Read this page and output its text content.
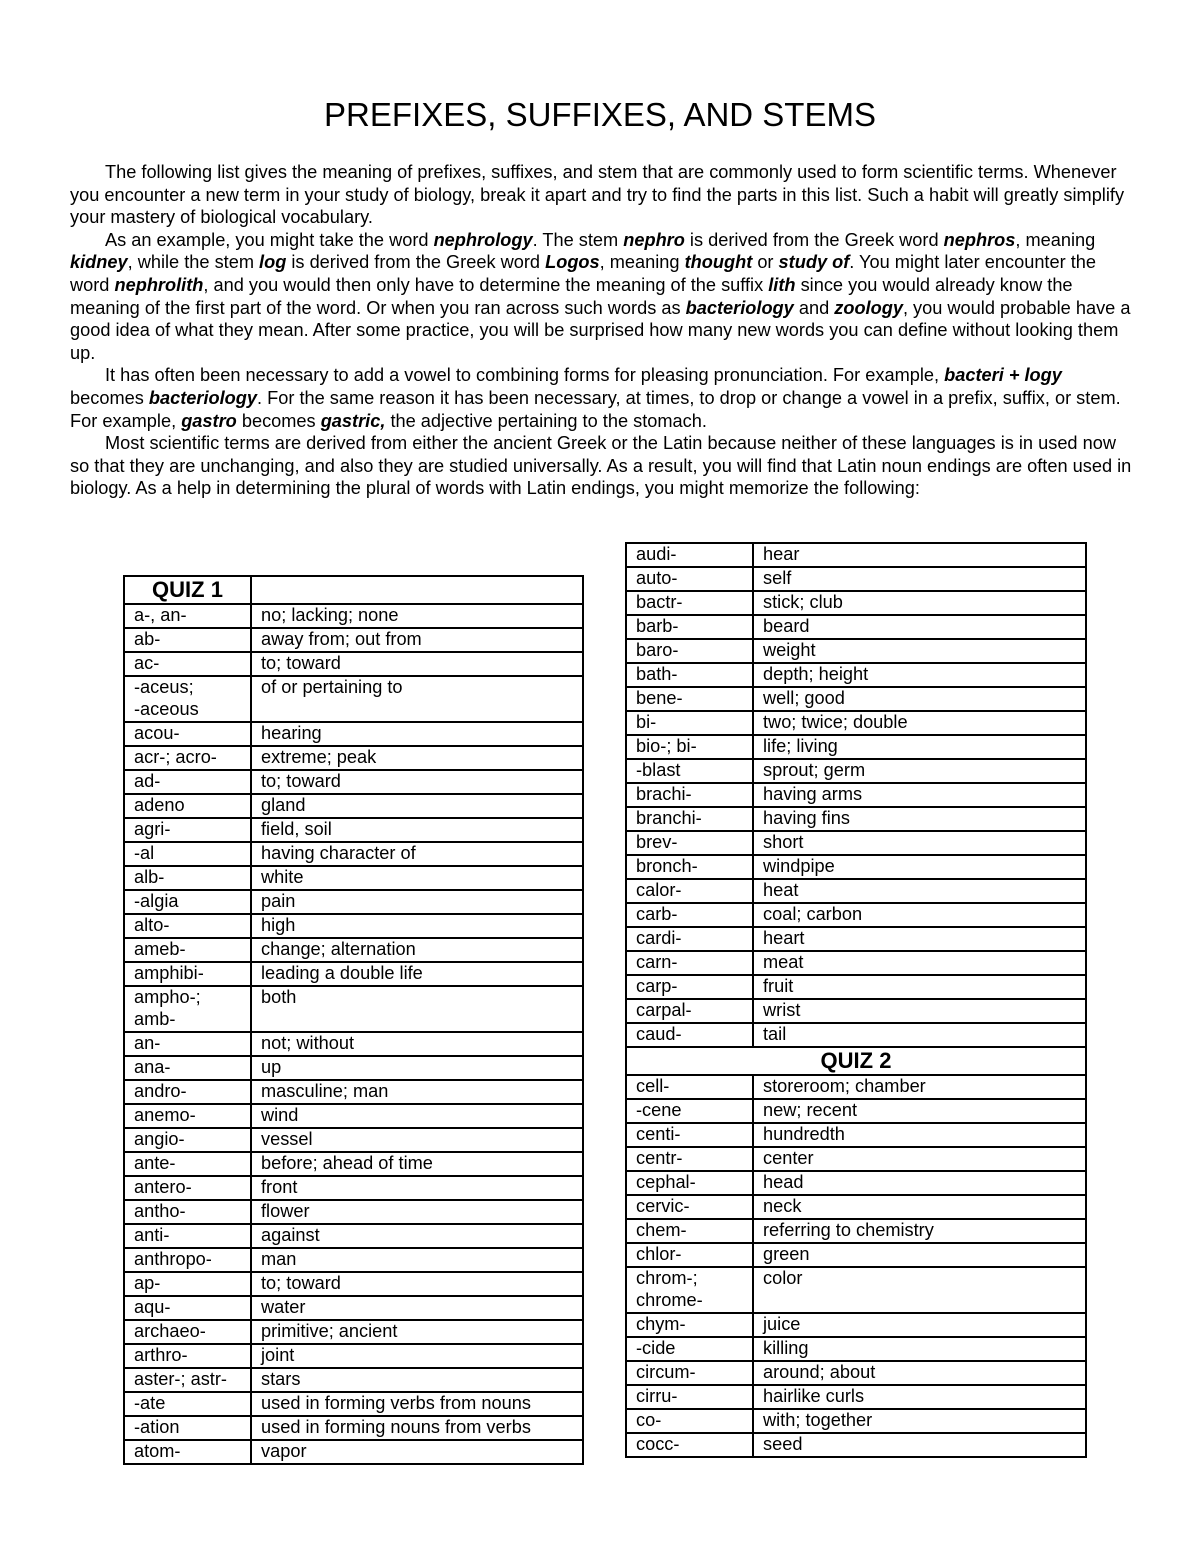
PREFIXES, SUFFIXES, AND STEMS

The following list gives the meaning of prefixes, suffixes, and stem that are commonly used to form scientific terms. Whenever you encounter a new term in your study of biology, break it apart and try to find the parts in this list. Such a habit will greatly simplify your mastery of biological vocabulary.

As an example, you might take the word nephrology. The stem nephro is derived from the Greek word nephros, meaning kidney, while the stem log is derived from the Greek word Logos, meaning thought or study of. You might later encounter the word nephrolith, and you would then only have to determine the meaning of the suffix lith since you would already know the meaning of the first part of the word. Or when you ran across such words as bacteriology and zoology, you would probable have a good idea of what they mean. After some practice, you will be surprised how many new words you can define without looking them up.

It has often been necessary to add a vowel to combining forms for pleasing pronunciation. For example, bacteri + logy becomes bacteriology. For the same reason it has been necessary, at times, to drop or change a vowel in a prefix, suffix, or stem. For example, gastro becomes gastric, the adjective pertaining to the stomach.

Most scientific terms are derived from either the ancient Greek or the Latin because neither of these languages is in used now so that they are unchanging, and also they are studied universally. As a result, you will find that Latin noun endings are often used in biology. As a help in determining the plural of words with Latin endings, you might memorize the following:

QUIZ 1	
a-, an-	no; lacking; none
ab-	away from; out from
ac-	to; toward
-aceus;
-aceous	of or pertaining to
acou-	hearing
acr-; acro-	extreme; peak
ad-	to; toward
adeno	gland
agri-	field, soil
-al	having character of
alb-	white
-algia	pain
alto-	high
ameb-	change; alternation
amphibi-	leading a double life
ampho-;
amb-	both
an-	not; without
ana-	up
andro-	masculine; man
anemo-	wind
angio-	vessel
ante-	before; ahead of time
antero-	front
antho-	flower
anti-	against
anthropo-	man
ap-	to; toward
aqu-	water
archaeo-	primitive; ancient
arthro-	joint
aster-; astr-	stars
-ate	used in forming verbs from nouns
-ation	used in forming nouns from verbs
atom-	vapor
audi-	hear
auto-	self
bactr-	stick; club
barb-	beard
baro-	weight
bath-	depth; height
bene-	well; good
bi-	two; twice; double
bio-; bi-	life; living
-blast	sprout; germ
brachi-	having arms
branchi-	having fins
brev-	short
bronch-	windpipe
calor-	heat
carb-	coal; carbon
cardi-	heart
carn-	meat
carp-	fruit
carpal-	wrist
caud-	tail
QUIZ 2	
cell-	storeroom; chamber
-cene	new; recent
centi-	hundredth
centr-	center
cephal-	head
cervic-	neck
chem-	referring to chemistry
chlor-	green
chrom-;
chrome-	color
chym-	juice
-cide	killing
circum-	around; about
cirru-	hairlike curls
co-	with; together
cocc-	seed
